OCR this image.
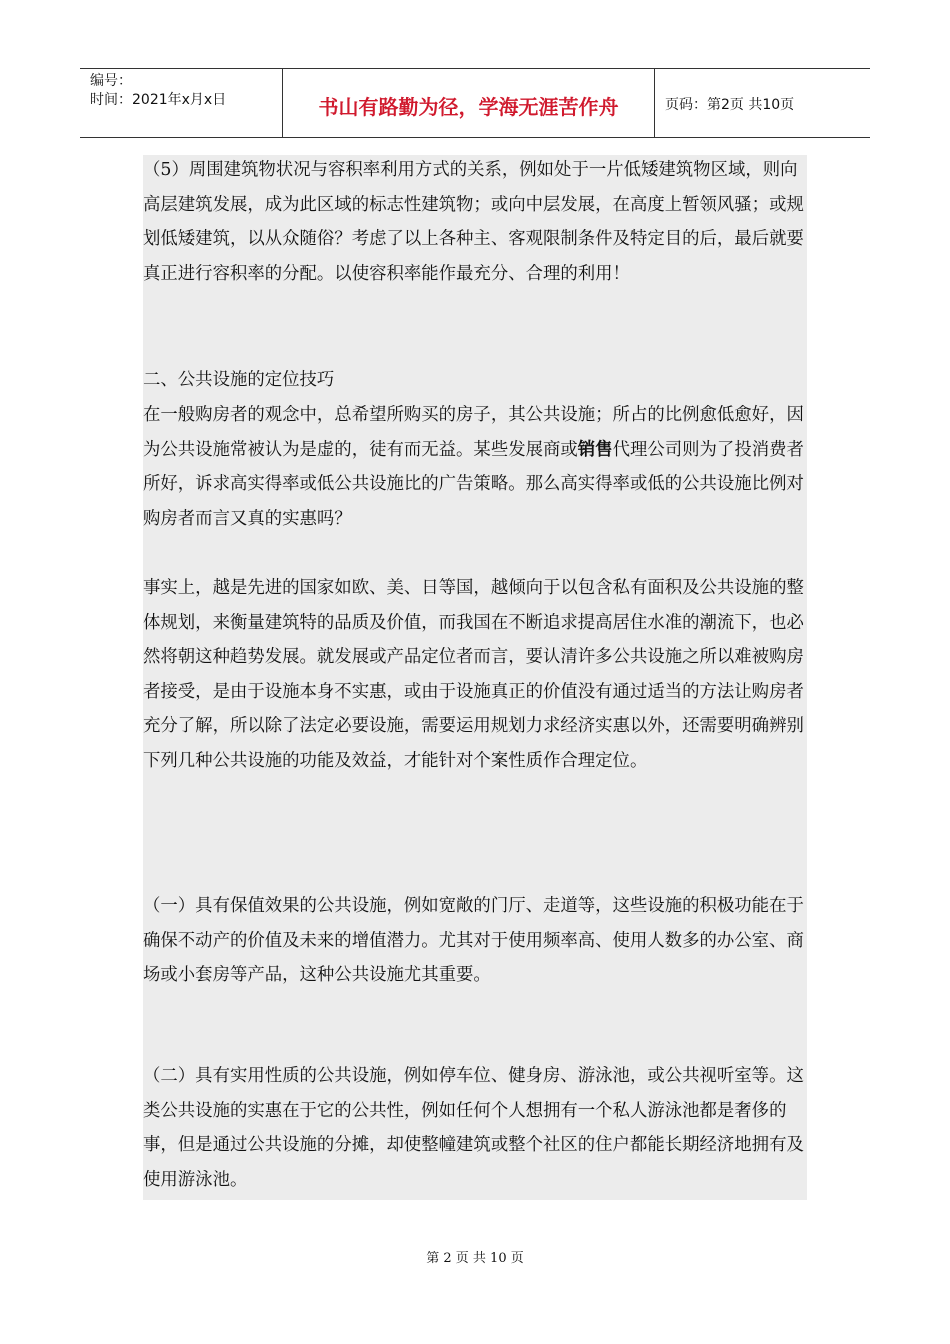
编号：
时间：2021年x月x日	书山有路勤为径，学海无涯苦作舟	页码：第2页 共10页

（5）周围建筑物状况与容积率利用方式的关系，例如处于一片低矮建筑物区域，则向高层建筑发展，成为此区域的标志性建筑物；或向中层发展，在高度上暂领风骚；或规划低矮建筑，以从众随俗？考虑了以上各种主、客观限制条件及特定目的后，最后就要真正进行容积率的分配。以使容积率能作最充分、合理的利用！

二、公共设施的定位技巧

在一般购房者的观念中，总希望所购买的房子，其公共设施；所占的比例愈低愈好，因为公共设施常被认为是虚的，徒有而无益。某些发展商或销售代理公司则为了投消费者所好，诉求高实得率或低公共设施比的广告策略。那么高实得率或低的公共设施比例对购房者而言又真的实惠吗？

事实上，越是先进的国家如欧、美、日等国，越倾向于以包含私有面积及公共设施的整体规划，来衡量建筑特的品质及价值，而我国在不断追求提高居住水准的潮流下，也必然将朝这种趋势发展。就发展或产品定位者而言，要认清许多公共设施之所以难被购房者接受，是由于设施本身不实惠，或由于设施真正的价值没有通过适当的方法让购房者充分了解，所以除了法定必要设施，需要运用规划力求经济实惠以外，还需要明确辨别下列几种公共设施的功能及效益，才能针对个案性质作合理定位。

（一）具有保值效果的公共设施，例如宽敞的门厅、走道等，这些设施的积极功能在于确保不动产的价值及未来的增值潜力。尤其对于使用频率高、使用人数多的办公室、商场或小套房等产品，这种公共设施尤其重要。

（二）具有实用性质的公共设施，例如停车位、健身房、游泳池，或公共视听室等。这类公共设施的实惠在于它的公共性，例如任何个人想拥有一个私人游泳池都是奢侈的事，但是通过公共设施的分摊，却使整幢建筑或整个社区的住户都能长期经济地拥有及使用游泳池。

第 2 页 共 10 页
